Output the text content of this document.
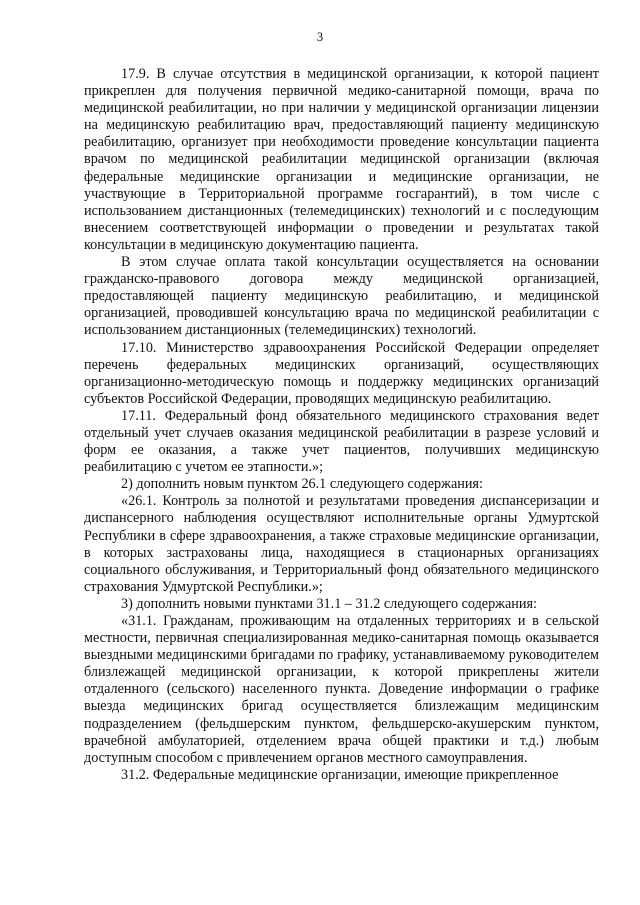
3

17.9. В случае отсутствия в медицинской организации, к которой пациент прикреплен для получения первичной медико-санитарной помощи, врача по медицинской реабилитации, но при наличии у медицинской организации лицензии на медицинскую реабилитацию врач, предоставляющий пациенту медицинскую реабилитацию, организует при необходимости проведение консультации пациента врачом по медицинской реабилитации медицинской организации (включая федеральные медицинские организации и медицинские организации, не участвующие в Территориальной программе госгарантий), в том числе с использованием дистанционных (телемедицинских) технологий и с последующим внесением соответствующей информации о проведении и результатах такой консультации в медицинскую документацию пациента.

В этом случае оплата такой консультации осуществляется на основании гражданско-правового договора между медицинской организацией, предоставляющей пациенту медицинскую реабилитацию, и медицинской организацией, проводившей консультацию врача по медицинской реабилитации с использованием дистанционных (телемедицинских) технологий.

17.10. Министерство здравоохранения Российской Федерации определяет перечень федеральных медицинских организаций, осуществляющих организационно-методическую помощь и поддержку медицинских организаций субъектов Российской Федерации, проводящих медицинскую реабилитацию.

17.11. Федеральный фонд обязательного медицинского страхования ведет отдельный учет случаев оказания медицинской реабилитации в разрезе условий и форм ее оказания, а также учет пациентов, получивших медицинскую реабилитацию с учетом ее этапности.»;

2) дополнить новым пунктом 26.1 следующего содержания:

«26.1. Контроль за полнотой и результатами проведения диспансеризации и диспансерного наблюдения осуществляют исполнительные органы Удмуртской Республики в сфере здравоохранения, а также страховые медицинские организации, в которых застрахованы лица, находящиеся в стационарных организациях социального обслуживания, и Территориальный фонд обязательного медицинского страхования Удмуртской Республики.»;

3) дополнить новыми пунктами 31.1 – 31.2 следующего содержания:

«31.1. Гражданам, проживающим на отдаленных территориях и в сельской местности, первичная специализированная медико-санитарная помощь оказывается выездными медицинскими бригадами по графику, устанавливаемому руководителем близлежащей медицинской организации, к которой прикреплены жители отдаленного (сельского) населенного пункта. Доведение информации о графике выезда медицинских бригад осуществляется близлежащим медицинским подразделением (фельдшерским пунктом, фельдшерско-акушерским пунктом, врачебной амбулаторией, отделением врача общей практики и т.д.) любым доступным способом с привлечением органов местного самоуправления.

31.2. Федеральные медицинские организации, имеющие прикрепленное
